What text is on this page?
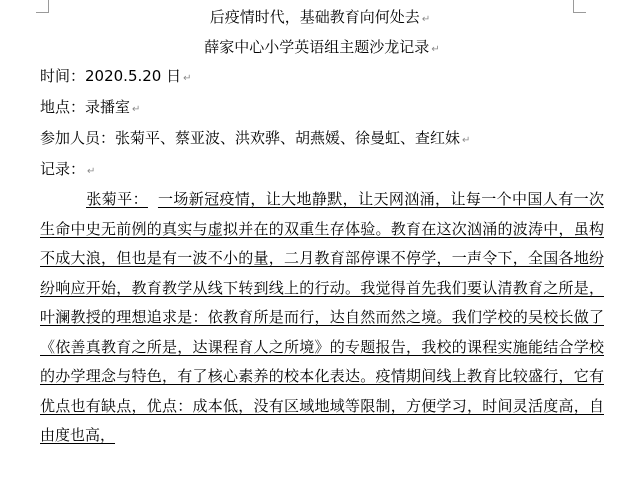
后疫情时代，基础教育向何处去 ↵
薛家中心小学英语组主题沙龙记录 ↵
时间：2020.5.20 日 ↵
地点：录播室 ↵
参加人员：张菊平、蔡亚波、洪欢骅、胡燕媛、徐曼虹、查红妹 ↵
记录： ↵
张菊平： 一场新冠疫情，让大地静默，让天网汹涌，让每一个中国人有一次生命中史无前例的真实与虚拟并在的双重生存体验。教育在这次汹涌的波涛中，虽构不成大浪，但也是有一波不小的量，二月教育部停课不停学，一声令下，全国各地纷纷响应开始，教育教学从线下转到线上的行动。我觉得首先我们要认清教育之所是，叶澜教授的理想追求是：依教育所是而行，达自然而然之境。我们学校的吴校长做了《依善真教育之所是，达课程育人之所境》的专题报告，我校的课程实施能结合学校的办学理念与特色，有了核心素养的校本化表达。疫情期间线上教育比较盛行，它有优点也有缺点，优点：成本低，没有区域地域等限制，方便学习，时间灵活度高，自由度也高，
